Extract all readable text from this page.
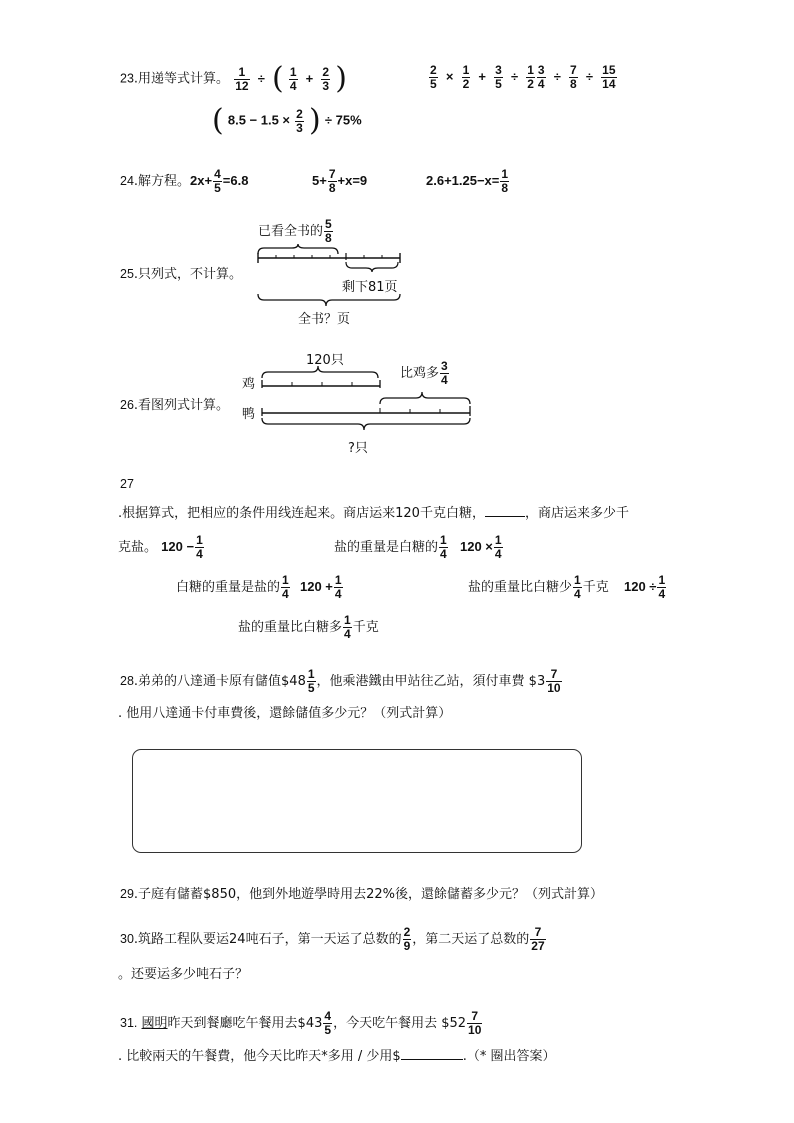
23.用递等式计算。 $\frac{1}{12}$ ÷ ( $\frac{1}{4} + \frac{2}{3}$ )	$\frac{2}{5} \times \frac{1}{2} + \frac{3}{5} \div \frac{1}{2} \frac{3}{4} \div \frac{7}{8} \div \frac{15}{14}$
( $8.5 - 1.5 \times \frac{2}{3}$ ) ÷ 75%
24.解方程。$2x+ \frac{4}{5} =6.8$	$5+ \frac{7}{8} +x=9$	$2.6+1.25-x= \frac{1}{8}$
25.只列式，不计算。
已看全书的 $\frac{5}{8}$
剩下81页
全书？页
26.看图列式计算。
120只
比鸡多 $\frac{3}{4}$
鸡
鸭
?只
27
.根据算式，把相应的条件用线连起来。商店运来120千克白糖，	，商店运来多少千
克盐。 $120 - \frac{1}{4}$	盐的重量是白糖的 $\frac{1}{4} 120 \times \frac{1}{4}$
白糖的重量是盐的 $\frac{1}{4} 120 + \frac{1}{4}$	盐的重量比白糖少 $\frac{1}{4}$ 千克 $120 \div \frac{1}{4}$
盐的重量比白糖多 $\frac{1}{4}$ 千克
28.弟弟的八達通卡原有儲值$48 $\frac{1}{5}$ ，他乘港鐵由甲站往乙站，須付車費 $3 $\frac{7}{10}$
. 他用八達通卡付車費後，還餘儲值多少元？（列式計算）
29.子庭有儲蓄$850，他到外地遊學時用去22%後，還餘儲蓄多少元？（列式計算）
30.筑路工程队要运24吨石子，第一天运了总数的 $\frac{2}{9}$ ，第二天运了总数的 $\frac{7}{27}$
。还要运多少吨石子？
31. 國明昨天到餐廳吃午餐用去$43 $\frac{4}{5}$ ，今天吃午餐用去 $52 $\frac{7}{10}$
. 比較兩天的午餐費，他今天比昨天*多用 / 少用$	.（* 圈出答案）
